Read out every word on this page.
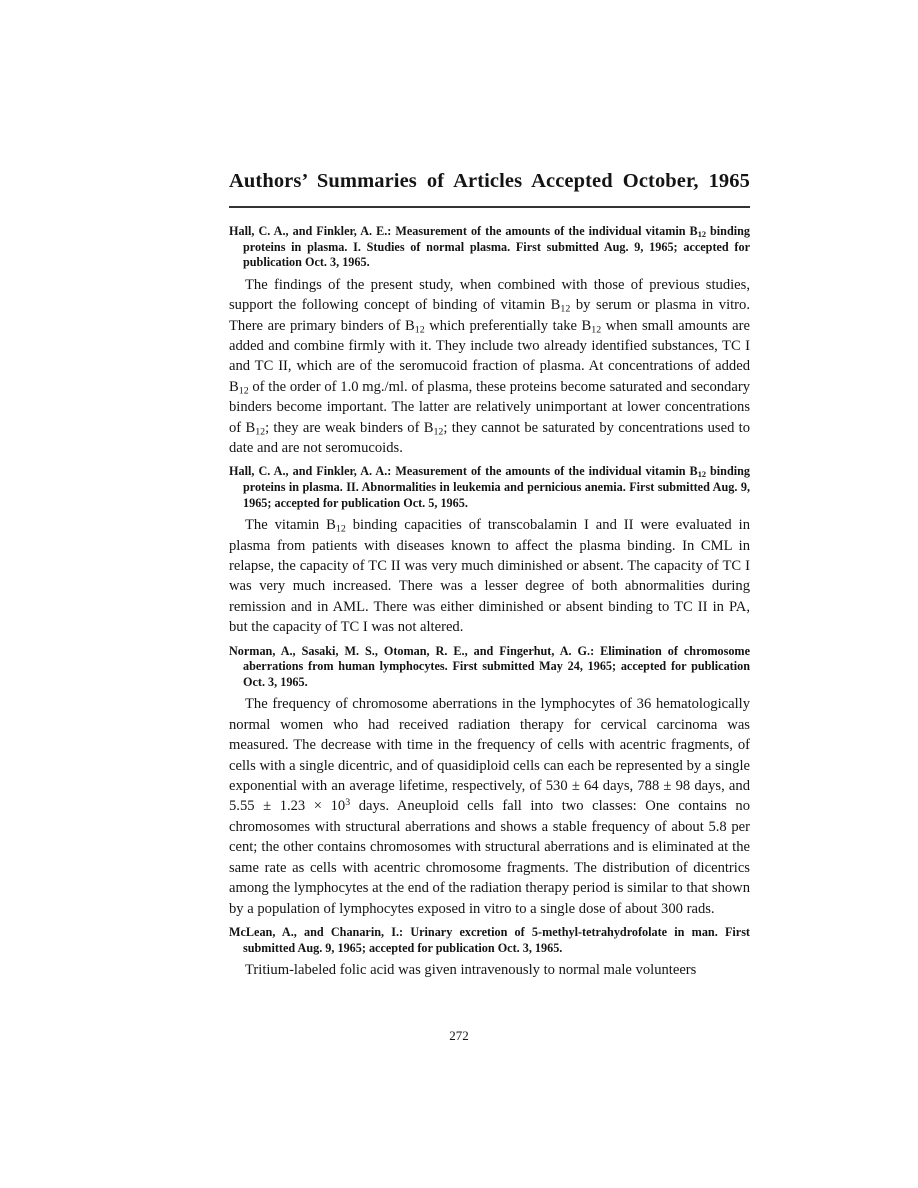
Authors’ Summaries of Articles Accepted October, 1965

Hall, C. A., and Finkler, A. E.: Measurement of the amounts of the individual vitamin $B_{12}$ binding proteins in plasma. I. Studies of normal plasma. First submitted Aug. 9, 1965; accepted for publication Oct. 3, 1965.

The findings of the present study, when combined with those of previous studies, support the following concept of binding of vitamin $B_{12}$ by serum or plasma in vitro. There are primary binders of $B_{12}$ which preferentially take $B_{12}$ when small amounts are added and combine firmly with it. They include two already identified substances, TC I and TC II, which are of the seromucoid fraction of plasma. At concentrations of added $B_{12}$ of the order of 1.0 mg./ml. of plasma, these proteins become saturated and secondary binders become important. The latter are relatively unimportant at lower concentrations of $B_{12}$; they are weak binders of $B_{12}$; they cannot be saturated by concentrations used to date and are not seromucoids.

Hall, C. A., and Finkler, A. A.: Measurement of the amounts of the individual vitamin $B_{12}$ binding proteins in plasma. II. Abnormalities in leukemia and pernicious anemia. First submitted Aug. 9, 1965; accepted for publication Oct. 5, 1965.

The vitamin $B_{12}$ binding capacities of transcobalamin I and II were evaluated in plasma from patients with diseases known to affect the plasma binding. In CML in relapse, the capacity of TC II was very much diminished or absent. The capacity of TC I was very much increased. There was a lesser degree of both abnormalities during remission and in AML. There was either diminished or absent binding to TC II in PA, but the capacity of TC I was not altered.

Norman, A., Sasaki, M. S., Otoman, R. E., and Fingerhut, A. G.: Elimination of chromosome aberrations from human lymphocytes. First submitted May 24, 1965; accepted for publication Oct. 3, 1965.

The frequency of chromosome aberrations in the lymphocytes of 36 hematologically normal women who had received radiation therapy for cervical carcinoma was measured. The decrease with time in the frequency of cells with acentric fragments, of cells with a single dicentric, and of quasidiploid cells can each be represented by a single exponential with an average lifetime, respectively, of 530 ± 64 days, 788 ± 98 days, and $5.55 \pm 1.23 \times 10^3$ days. Aneuploid cells fall into two classes: One contains no chromosomes with structural aberrations and shows a stable frequency of about 5.8 per cent; the other contains chromosomes with structural aberrations and is eliminated at the same rate as cells with acentric chromosome fragments. The distribution of dicentrics among the lymphocytes at the end of the radiation therapy period is similar to that shown by a population of lymphocytes exposed in vitro to a single dose of about 300 rads.

McLean, A., and Chanarin, I.: Urinary excretion of 5-methyl-tetrahydrofolate in man. First submitted Aug. 9, 1965; accepted for publication Oct. 3, 1965.

Tritium-labeled folic acid was given intravenously to normal male volunteers

272
